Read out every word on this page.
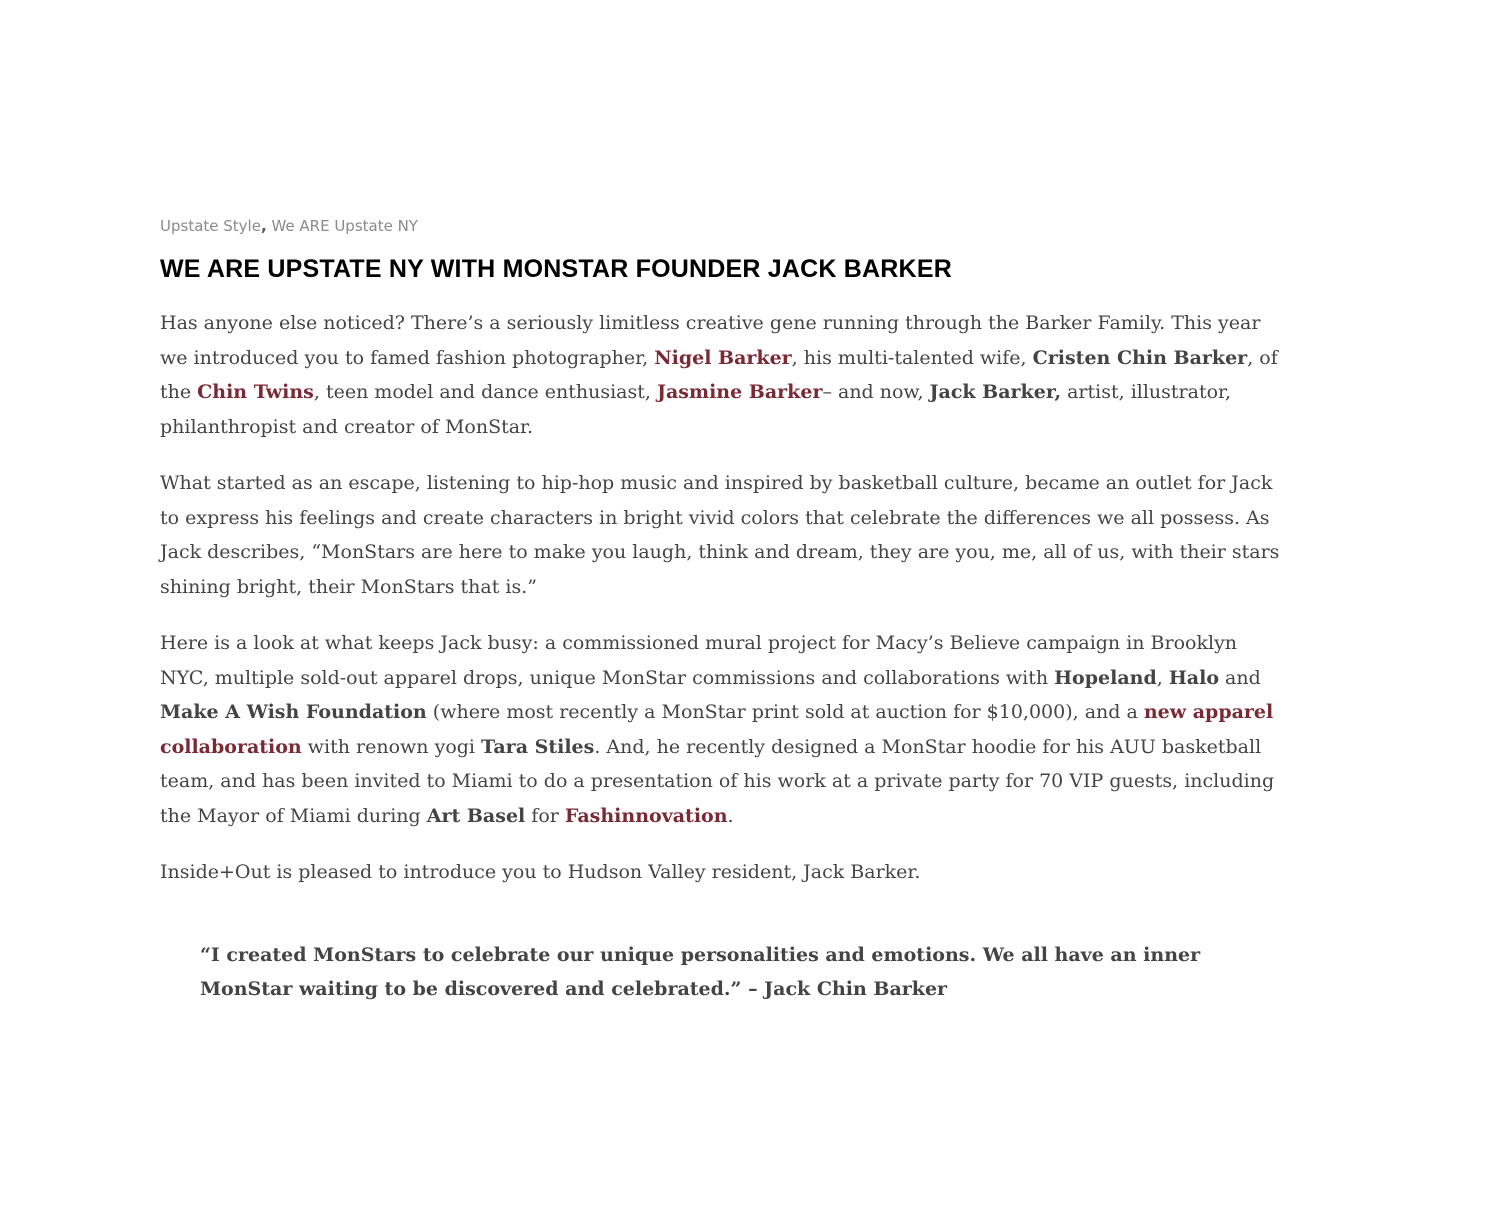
Upstate Style, We ARE Upstate NY
WE ARE UPSTATE NY WITH MONSTAR FOUNDER JACK BARKER

Has anyone else noticed? There’s a seriously limitless creative gene running through the Barker Family. This year we introduced you to famed fashion photographer, Nigel Barker, his multi-talented wife, Cristen Chin Barker, of the Chin Twins, teen model and dance enthusiast, Jasmine Barker– and now, Jack Barker, artist, illustrator, philanthropist and creator of MonStar.

What started as an escape, listening to hip-hop music and inspired by basketball culture, became an outlet for Jack to express his feelings and create characters in bright vivid colors that celebrate the differences we all possess. As Jack describes, “MonStars are here to make you laugh, think and dream, they are you, me, all of us, with their stars shining bright, their MonStars that is.”

Here is a look at what keeps Jack busy: a commissioned mural project for Macy’s Believe campaign in Brooklyn NYC, multiple sold-out apparel drops, unique MonStar commissions and collaborations with Hopeland, Halo and Make A Wish Foundation (where most recently a MonStar print sold at auction for $10,000), and a new apparel collaboration with renown yogi Tara Stiles. And, he recently designed a MonStar hoodie for his AUU basketball team, and has been invited to Miami to do a presentation of his work at a private party for 70 VIP guests, including the Mayor of Miami during Art Basel for Fashinnovation.

Inside+Out is pleased to introduce you to Hudson Valley resident, Jack Barker.

“I created MonStars to celebrate our unique personalities and emotions. We all have an inner MonStar waiting to be discovered and celebrated.” – Jack Chin Barker
